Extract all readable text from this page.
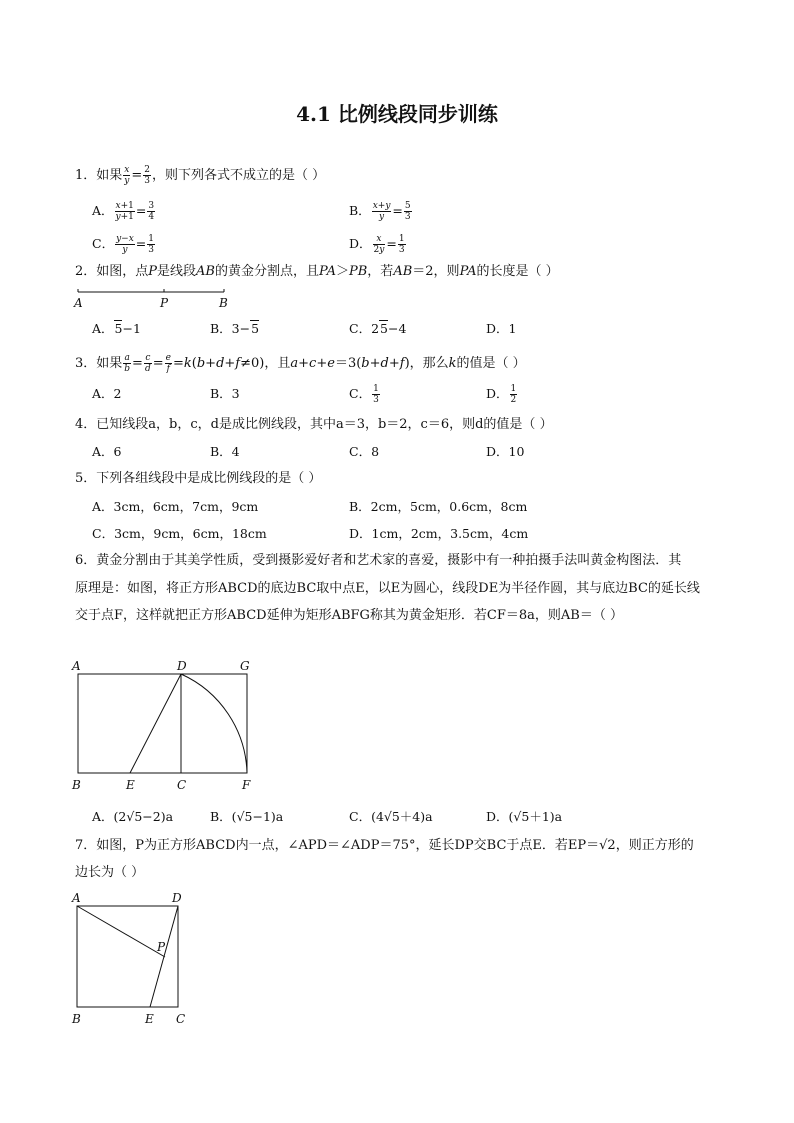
4.1 比例线段同步训练
1．如果 $\frac{x}{y} = \frac{2}{3}$ ，则下列各式不成立的是（ ）
A． $\frac{x+1}{y+1} = \frac{3}{4}$	B． $\frac{x+y}{y} = \frac{5}{3}$
C． $\frac{y-x}{y} = \frac{1}{3}$	D． $\frac{x}{2y} = \frac{1}{3}$
2．如图，点P是线段AB的黄金分割点，且PA＞PB，若AB＝2，则PA的长度是（ ）
A	P	B
A．5−1	B．3−5	C．25−4	D．1
3．如果 $\frac{a}{b} = \frac{c}{d} = \frac{e}{f} =k(b+d+f\ne 0)$，且a+c+e＝3(b+d+f)，那么k的值是（ ）
A．2	B．3	C． $\frac{1}{3}$	D． $\frac{1}{2}$
4．已知线段a，b，c，d是成比例线段，其中a＝3，b＝2，c＝6，则d的值是（ ）
A．6	B．4	C．8	D．10
5．下列各组线段中是成比例线段的是（ ）
A．3cm，6cm，7cm，9cm	B．2cm，5cm，0.6cm，8cm
C．3cm，9cm，6cm，18cm	D．1cm，2cm，3.5cm，4cm
6．黄金分割由于其美学性质，受到摄影爱好者和艺术家的喜爱，摄影中有一种拍摄手法叫黄金构图法．其
原理是：如图，将正方形ABCD的底边BC取中点E，以E为圆心，线段DE为半径作圆，其与底边BC的延长线
交于点F，这样就把正方形ABCD延伸为矩形ABFG称其为黄金矩形．若CF＝8a，则AB＝（ ）
A	D	G
B	E	C	F
A．(2√5−2)a	B．(√5−1)a	C．(4√5＋4)a	D．(√5＋1)a
7．如图，P为正方形ABCD内一点，∠APD＝∠ADP＝75°，延长DP交BC于点E．若EP＝√2，则正方形的
边长为（ ）
A	D
P
B	E C
